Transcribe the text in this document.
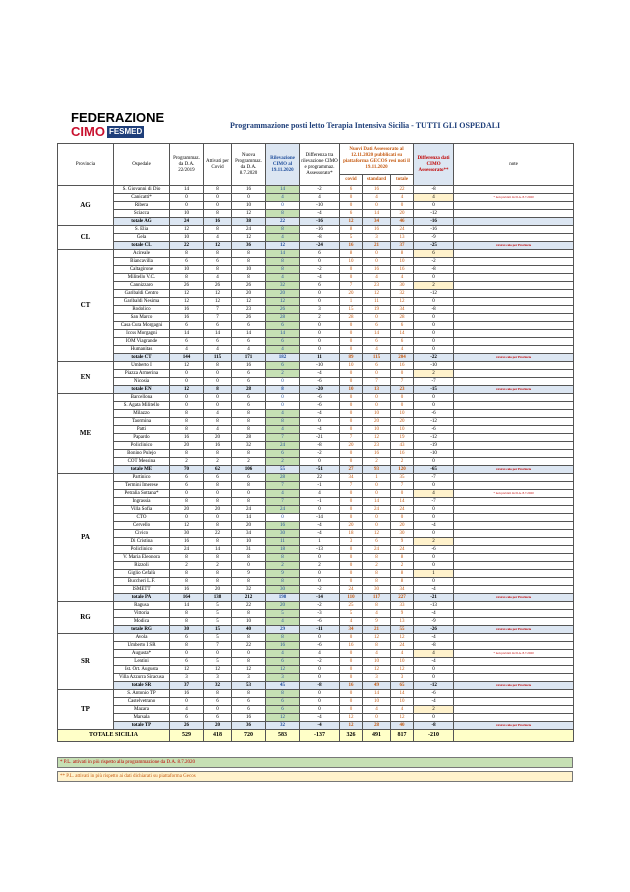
FEDERAZIONE
CIMO FESMED
Programmazione posti letto Terapia Intensiva Sicilia - TUTTI GLI OSPEDALI
Provincia	Ospedale	Programmaz. da D.A. 22/2019	Attivati per Covid	Nuova Programmaz. da D.A. 8.7.2020	Rilevazione CIMO al 19.11.2020	Differenza tra rilevazione CIMO e programmaz. Assessorato*	Nuovi Dati Assessorato al 12.11.2020 pubblicati su piattaforma GECOS resi noti il 19.11.2020			Differenza dati CIMO Assessorato**	note
							covid	standard	totale		
AG	S. Giovanni di Dio	14	8	16	14	-2	6	16	22	-8	
	Canicatti*	0	0	0	4	4	0	4	4	4	* non previsti da D.A. 8.7.2020
	Ribera	0	0	10	0	-10	0	0	0	0	
	Sciacca	10	8	12	8	-4	6	14	20	-12	
	totale AG	24	16	38	22	-16	12	34	46	-16	
CL	S. Elia	12	8	24	8	-16	8	16	24	-16	
	Gela	10	4	12	4	-8	5	3	13	-9	
	totale CL	22	12	36	12	-24	16	21	37	-25	xxxxxx calo per Provincia
CT	Acireale	8	8	8	14	6	8	0	8	6	
	Biancavilla	6	6	8	8	0	10	0	10	-2	
	Caltagirone	10	8	10	8	-2	0	16	16	-8	
	Militello V.C.	8	4	8	4	-4	0	4	4	0	
	Cannizzaro	26	26	26	32	6	7	23	30	2	
	Garibaldi Centro	12	12	20	20	0	20	12	32	-12	
	Garibaldi Nesima	12	12	12	12	0	1	11	12	0	
	Rodolico	16	7	23	26	3	15	19	34	-8	
	San Marco	16	7	26	28	2	28	0	28	0	
	Casa Cura Morgagni	6	6	6	6	0	0	6	6	0	
	Iccss Morgagni	14	14	14	14	0	0	14	14	0	
	IOM Viagrande	6	6	6	6	0	0	6	6	0	
	Humanitas	4	4	4	4	0	0	4	4	0	
	totale CT	144	115	171	182	11	89	115	204	-22	xxxxxx calo per Provincia
EN	Umberto I	12	8	16	6	-10	10	6	16	-10	
	Piazza Armerina	0	0	6	2	-4	0	0	0	2	
	Nicosia	0	0	6	0	-6	0	7	7	-7	
	totale EN	12	8	28	8	-20	10	13	23	-15	xxxxxx calo per Provincia
ME	Barcellona	0	0	6	0	-6	0	0	0	0	
	S. Agata Militello	0	0	6	0	-6	0	0	0	0	
	Milazzo	8	4	8	4	-4	0	10	10	-6	
	Taormina	8	8	8	8	0	0	20	20	-12	
	Patti	8	4	8	4	-4	0	10	10	-6	
	Papardo	16	20	28	7	-21	7	12	19	-12	
	Policlinico	20	16	32	24	-8	20	23	43	-19	
	Bonino Pulejo	8	8	8	6	-2	0	16	16	-10	
	COT Messina	2	2	2	2	0	0	2	2	0	
	totale ME	70	62	106	55	-51	27	93	120	-65	xxxxxx calo per Provincia
PA	Partinico	6	6	6	28	22	34	1	35	-7	
	Termini Imerese	6	8	8	7	-1	7	0	7	0	
	Petralia Sottana*	0	0	0	4	4	0	0	0	4	* non previsti da D.A. 8.7.2020
	Ingrassia	8	8	8	7	-1	0	14	14	-7	
	Villa Sofia	20	20	24	24	0	0	24	24	0	
	CTO	0	0	14	0	-14	0	0	0	0	
	Cervello	12	8	20	16	-4	20	0	20	-4	
	Civico	30	22	34	30	-4	18	12	30	0	
	Di Cristina	16	8	10	11	1	3	6	9	2	
	Policlinico	24	14	31	18	-13	0	24	24	-6	
	V. Maria Eleonora	8	8	8	8	0	0	8	8	0	
	Rizzoli	2	2	0	2	2	0	2	2	0	
	Giglio Cefalù	8	8	9	9	0	0	8	8	1	
	Buccheri L.F.	8	8	8	8	0	0	8	8	0	
	ISMETT	16	20	32	30	-2	24	30	34	-4	
	totale PA	164	138	212	198	-14	110	117	227	-21	xxxxxx calo per Provincia
RG	Ragusa	14	5	22	20	-2	25	8	33	-13	
	Vittoria	8	5	8	5	-3	5	4	9	-4	
	Modica	8	5	10	4	-6	4	9	13	-9	
	totale RG	30	15	40	29	-11	34	21	55	-26	xxxxxx calo per Provincia
SR	Avola	6	5	8	8	0	0	12	12	-4	
	Umberto I SR	8	7	22	16	-6	16	8	24	-8	
	Augusta*	0	0	0	4	4	0	4	4	4	* non previsti da D.A. 8.7.2020
	Lentini	6	5	8	6	-2	0	10	10	-4	
	Ist. Ort. Augusta	12	12	12	12	0	0	12	12	0	
	Villa Azzurra Siracusa	3	3	3	3	0	0	3	3	0	
	totale SR	37	32	53	45	-8	16	49	65	-12	xxxxxx calo per Provincia
TP	S. Antonio TP	16	8	8	8	0	0	14	14	-6	
	Castelvetrano	0	6	6	6	0	0	10	10	-4	
	Mazara	4	0	6	6	0	0	4	4	2	
	Marsala	6	6	16	12	-4	12	0	12	0	
	totale TP	26	20	36	32	-4	12	28	40	-8	xxxxxx calo per Provincia
TOTALE SICILIA		529	418	720	583	-137	326	491	817	-210	
* P.L. attivati in più rispetto alla programmazione da D.A. 8.7.2020
** P.L. attivati in più rispetto ai dati dichiarati su piattaforma Gecos
